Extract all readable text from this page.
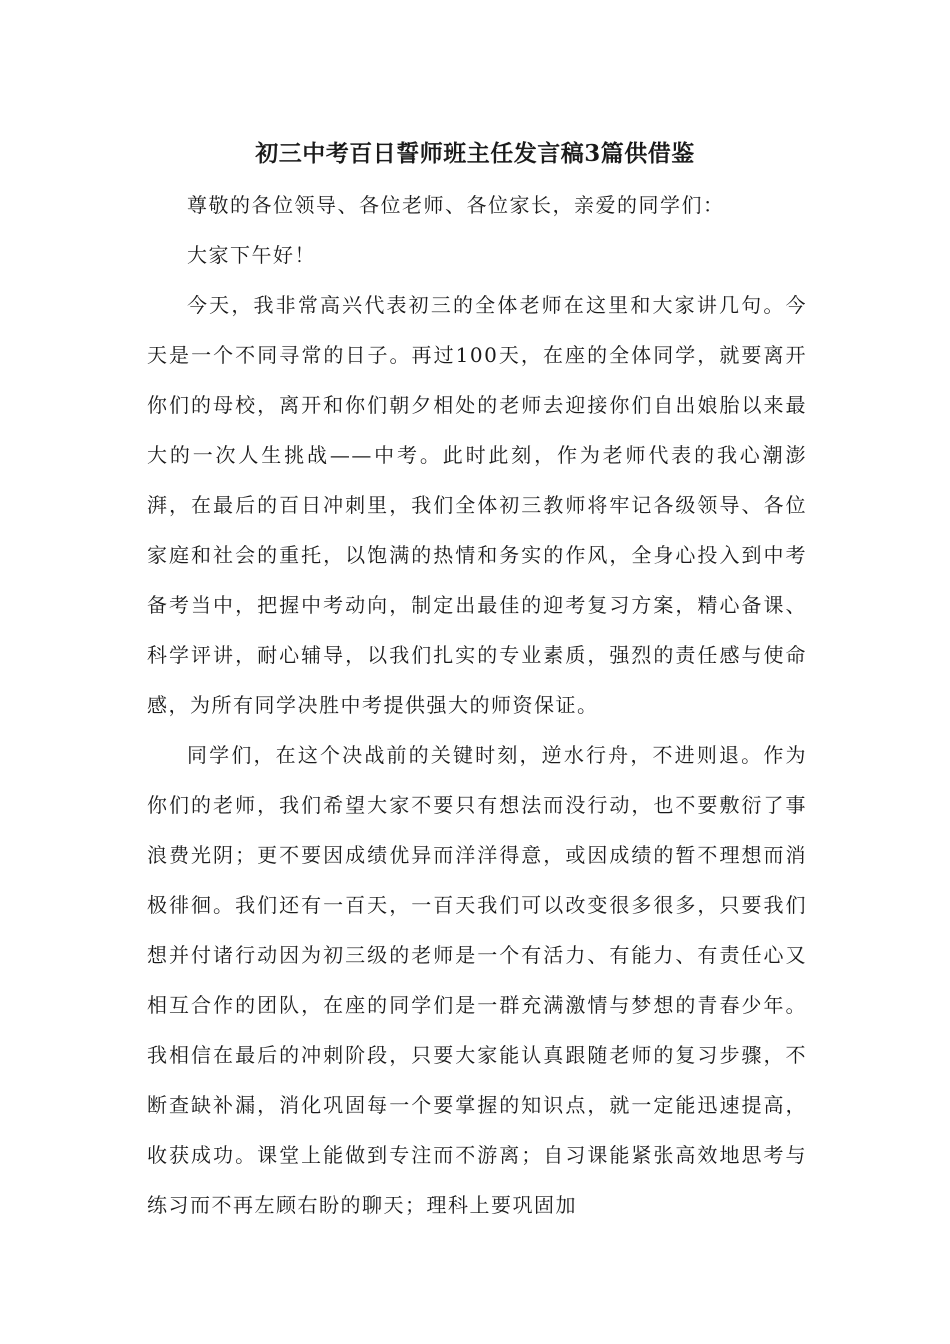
初三中考百日誓师班主任发言稿3篇供借鉴

尊敬的各位领导、各位老师、各位家长，亲爱的同学们：

大家下午好！

今天，我非常高兴代表初三的全体老师在这里和大家讲几句。今天是一个不同寻常的日子。再过100天，在座的全体同学，就要离开你们的母校，离开和你们朝夕相处的老师去迎接你们自出娘胎以来最大的一次人生挑战——中考。此时此刻，作为老师代表的我心潮澎湃，在最后的百日冲刺里，我们全体初三教师将牢记各级领导、各位家庭和社会的重托，以饱满的热情和务实的作风，全身心投入到中考备考当中，把握中考动向，制定出最佳的迎考复习方案，精心备课、科学评讲，耐心辅导，以我们扎实的专业素质，强烈的责任感与使命感，为所有同学决胜中考提供强大的师资保证。

同学们，在这个决战前的关键时刻，逆水行舟，不进则退。作为你们的老师，我们希望大家不要只有想法而没行动，也不要敷衍了事浪费光阴；更不要因成绩优异而洋洋得意，或因成绩的暂不理想而消极徘徊。我们还有一百天，一百天我们可以改变很多很多，只要我们想并付诸行动因为初三级的老师是一个有活力、有能力、有责任心又相互合作的团队，在座的同学们是一群充满激情与梦想的青春少年。我相信在最后的冲刺阶段，只要大家能认真跟随老师的复习步骤，不断查缺补漏，消化巩固每一个要掌握的知识点，就一定能迅速提高，收获成功。课堂上能做到专注而不游离；自习课能紧张高效地思考与练习而不再左顾右盼的聊天；理科上要巩固加
